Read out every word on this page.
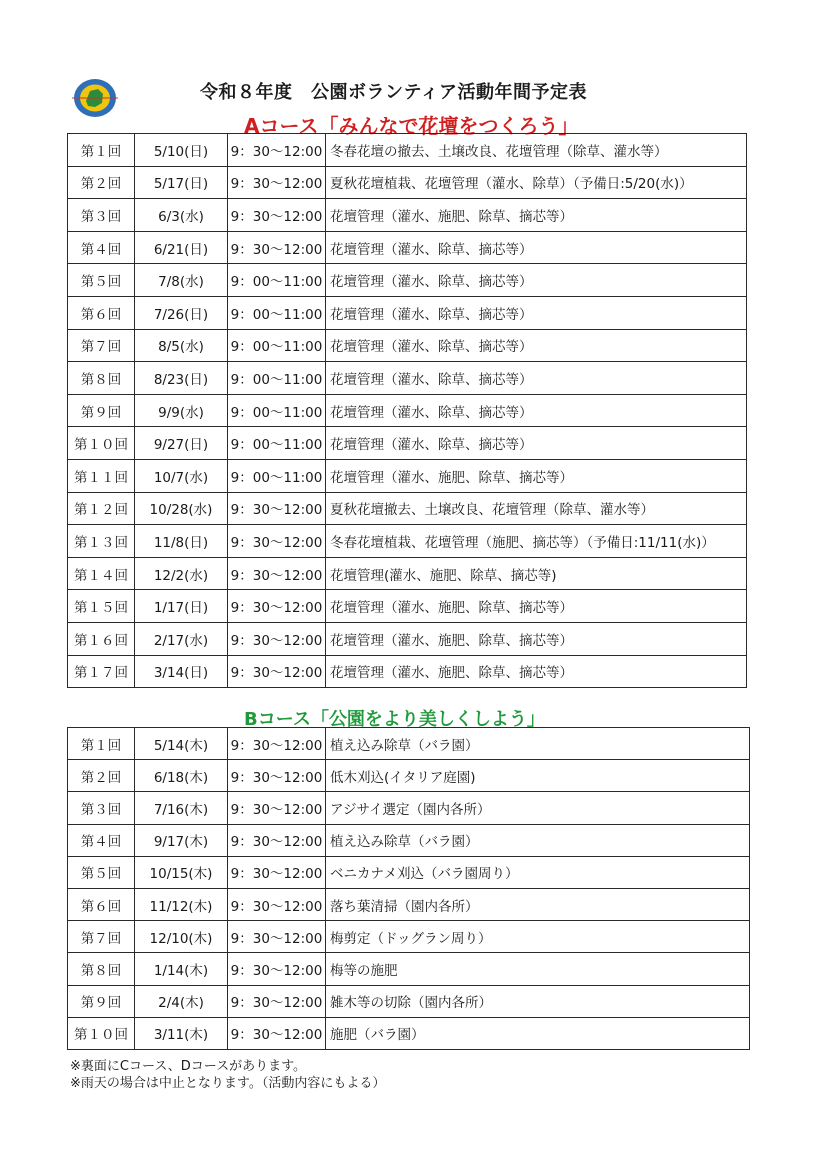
令和８年度　公園ボランティア活動年間予定表
Aコース「みんなで花壇をつくろう」
第１回	5/10(日)	9：30〜12:00	冬春花壇の撤去、土壌改良、花壇管理（除草、灌水等）
第２回	5/17(日)	9：30〜12:00	夏秋花壇植栽、花壇管理（灌水、除草）（予備日:5/20(水)）
第３回	6/3(水)	9：30〜12:00	花壇管理（灌水、施肥、除草、摘芯等）
第４回	6/21(日)	9：30〜12:00	花壇管理（灌水、除草、摘芯等）
第５回	7/8(水)	9：00〜11:00	花壇管理（灌水、除草、摘芯等）
第６回	7/26(日)	9：00〜11:00	花壇管理（灌水、除草、摘芯等）
第７回	8/5(水)	9：00〜11:00	花壇管理（灌水、除草、摘芯等）
第８回	8/23(日)	9：00〜11:00	花壇管理（灌水、除草、摘芯等）
第９回	9/9(水)	9：00〜11:00	花壇管理（灌水、除草、摘芯等）
第１０回	9/27(日)	9：00〜11:00	花壇管理（灌水、除草、摘芯等）
第１１回	10/7(水)	9：00〜11:00	花壇管理（灌水、施肥、除草、摘芯等）
第１２回	10/28(水)	9：30〜12:00	夏秋花壇撤去、土壌改良、花壇管理（除草、灌水等）
第１３回	11/8(日)	9：30〜12:00	冬春花壇植栽、花壇管理（施肥、摘芯等）（予備日:11/11(水)）
第１４回	12/2(水)	9：30〜12:00	花壇管理(灌水、施肥、除草、摘芯等)
第１５回	1/17(日)	9：30〜12:00	花壇管理（灌水、施肥、除草、摘芯等）
第１６回	2/17(水)	9：30〜12:00	花壇管理（灌水、施肥、除草、摘芯等）
第１７回	3/14(日)	9：30〜12:00	花壇管理（灌水、施肥、除草、摘芯等）
Bコース「公園をより美しくしよう」
第１回	5/14(木)	9：30〜12:00	植え込み除草（バラ園）
第２回	6/18(木)	9：30〜12:00	低木刈込(イタリア庭園)
第３回	7/16(木)	9：30〜12:00	アジサイ選定（園内各所）
第４回	9/17(木)	9：30〜12:00	植え込み除草（バラ園）
第５回	10/15(木)	9：30〜12:00	ベニカナメ刈込（バラ園周り）
第６回	11/12(木)	9：30〜12:00	落ち葉清掃（園内各所）
第７回	12/10(木)	9：30〜12:00	梅剪定（ドッグラン周り）
第８回	1/14(木)	9：30〜12:00	梅等の施肥
第９回	2/4(木)	9：30〜12:00	雑木等の切除（園内各所）
第１０回	3/11(木)	9：30〜12:00	施肥（バラ園）
※裏面にCコース、Dコースがあります。
※雨天の場合は中止となります。（活動内容にもよる）
